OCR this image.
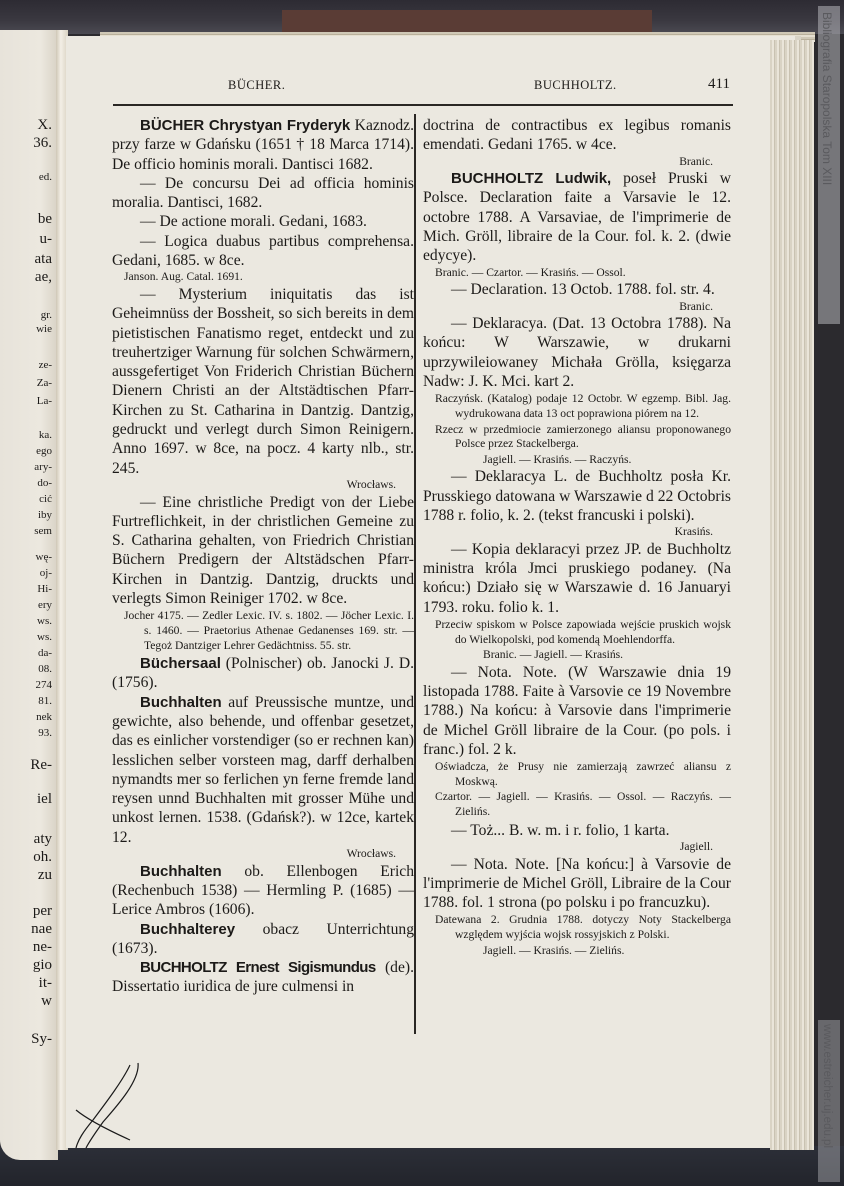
X.
36.
ed.
be
u-
ata
ae,
gr.
wie
ze-
Za-
La-
ka.
ego
ary-
do-
cić
iby
sem
wę-
oj-
Hi-
ery
ws.
ws.
da-
08.
274
81.
nek
93.
Re-
iel
aty
oh.
zu
per
nae
ne-
gio
it-
w
Sy-
BÜCHER.	BUCHHOLTZ.	411

BÜCHER Chrystyan Fryderyk Kaznodz. przy farze w Gdańsku (1651 † 18 Marca 1714). De officio hominis morali. Dantisci 1682.

— De concursu Dei ad officia hominis moralia. Dantisci, 1682.

— De actione morali. Gedani, 1683.

— Logica duabus partibus comprehensa. Gedani, 1685. w 8ce.

Janson. Aug. Catal. 1691.

— Mysterium iniquitatis das ist Geheimnüss der Bossheit, so sich bereits in dem pietistischen Fanatismo reget, entdeckt und zu treuhertziger Warnung für solchen Schwärmern, aussgefertiget Von Friderich Christian Büchern Dienern Christi an der Altstädtischen Pfarr-Kirchen zu St. Catharina in Dantzig. Dantzig, gedruckt und verlegt durch Simon Reinigern. Anno 1697. w 8ce, na pocz. 4 karty nlb., str. 245.

Wrocławs.

— Eine christliche Predigt von der Liebe Furtreflichkeit, in der christlichen Gemeine zu S. Catharina gehalten, von Friedrich Christian Büchern Predigern der Altstädschen Pfarr-Kirchen in Dantzig. Dantzig, druckts und verlegts Simon Reiniger 1702. w 8ce.

Jocher 4175. — Zedler Lexic. IV. s. 1802. — Jöcher Lexic. I. s. 1460. — Praetorius Athenae Gedanenses 169. str. — Tegoż Dantziger Lehrer Gedächtniss. 55. str.

Büchersaal (Polnischer) ob. Janocki J. D. (1756).

Buchhalten auf Preussische muntze, und gewichte, also behende, und offenbar gesetzet, das es einlicher vorstendiger (so er rechnen kan) lesslichen selber vorsteen mag, darff derhalben nymandts mer so ferlichen yn ferne fremde land reysen unnd Buchhalten mit grosser Mühe und unkost lernen. 1538. (Gdańsk?). w 12ce, kartek 12.

Wrocławs.

Buchhalten ob. Ellenbogen Erich (Rechenbuch 1538) — Hermling P. (1685) — Lerice Ambros (1606).

Buchhalterey obacz Unterrichtung (1673).

BUCHHOLTZ Ernest Sigismundus (de). Dissertatio iuridica de jure culmensi in

doctrina de contractibus ex legibus romanis emendati. Gedani 1765. w 4ce.

Branic.

BUCHHOLTZ Ludwik, poseł Pruski w Polsce. Declaration faite a Varsavie le 12. octobre 1788. A Varsaviae, de l'imprimerie de Mich. Gröll, libraire de la Cour. fol. k. 2. (dwie edycye).

Branic. — Czartor. — Krasińs. — Ossol.

— Declaration. 13 Octob. 1788. fol. str. 4.

Branic.

— Deklaracya. (Dat. 13 Octobra 1788). Na końcu: W Warszawie, w drukarni uprzywileiowaney Michała Grölla, księgarza Nadw: J. K. Mci. kart 2.

Raczyńsk. (Katalog) podaje 12 Octobr. W egzemp. Bibl. Jag. wydrukowana data 13 oct poprawiona piórem na 12.

Rzecz w przedmiocie zamierzonego aliansu proponowanego Polsce przez Stackelberga.

Jagiell. — Krasińs. — Raczyńs.

— Deklaracya L. de Buchholtz posła Kr. Prusskiego datowana w Warszawie d 22 Octobris 1788 r. folio, k. 2. (tekst francuski i polski).

Krasińs.

— Kopia deklaracyi przez JP. de Buchholtz ministra króla Jmci pruskiego podaney. (Na końcu:) Działo się w Warszawie d. 16 Januaryi 1793. roku. folio k. 1.

Przeciw spiskom w Polsce zapowiada wejście pruskich wojsk do Wielkopolski, pod komendą Moehlendorffa.

Branic. — Jagiell. — Krasińs.

— Nota. Note. (W Warszawie dnia 19 listopada 1788. Faite à Varsovie ce 19 Novembre 1788.) Na końcu: à Varsovie dans l'imprimerie de Michel Gröll libraire de la Cour. (po pols. i franc.) fol. 2 k.

Oświadcza, że Prusy nie zamierzają zawrzeć aliansu z Moskwą.

Czartor. — Jagiell. — Krasińs. — Ossol. — Raczyńs. — Zielińs.

— Toż... B. w. m. i r. folio, 1 karta.

Jagiell.

— Nota. Note. [Na końcu:] à Varsovie de l'imprimerie de Michel Gröll, Libraire de la Cour 1788. fol. 1 strona (po polsku i po francuzku).

Datewana 2. Grudnia 1788. dotyczy Noty Stackelberga względem wyjścia wojsk rossyjskich z Polski.

Jagiell. — Krasińs. — Zielińs.

Bibliografia Staropolska Tom XIII
www.estreicher.uj.edu.pl
